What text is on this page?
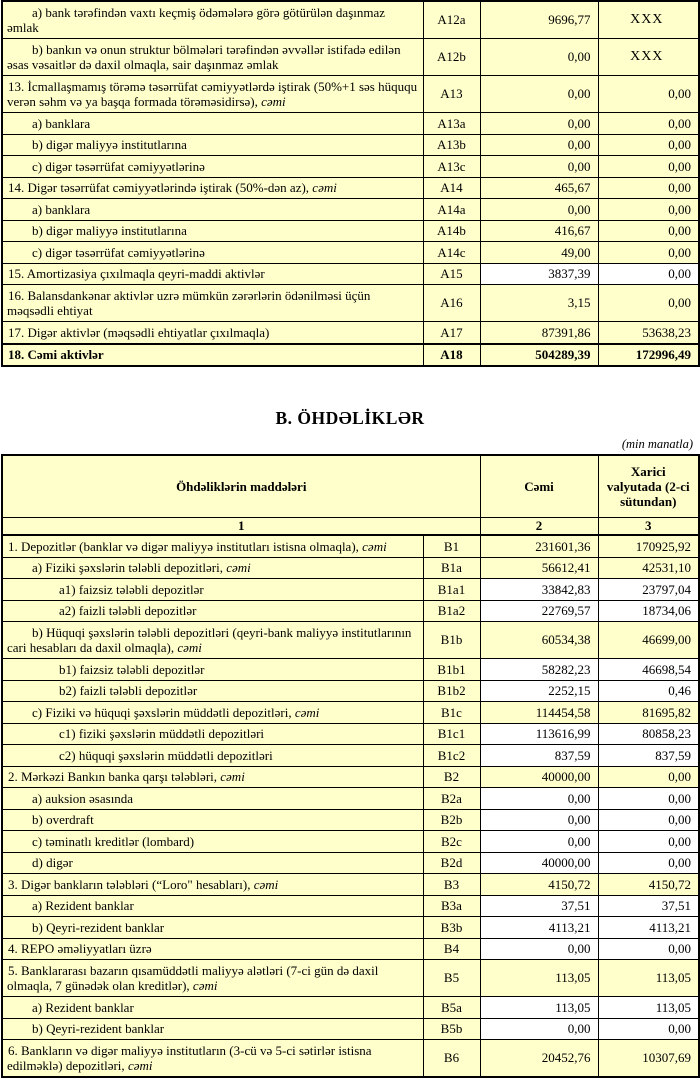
a) bank tərəfindən vaxtı keçmiş ödəmələrə görə götürülən daşınmaz əmlak	A12a	9696,77	XXX
b) bankın və onun struktur bölmələri tərəfindən əvvəllər istifadə edilən əsas vəsaitlər də daxil olmaqla, sair daşınmaz əmlak	A12b	0,00	XXX
13. İcmallaşmamış törəmə təsərrüfat cəmiyyətlərdə iştirak (50%+1 səs hüququ verən səhm və ya başqa formada törəməsidirsə), cəmi	A13	0,00	0,00
a) banklara	A13a	0,00	0,00
b) digər maliyyə institutlarına	A13b	0,00	0,00
c) digər təsərrüfat cəmiyyətlərinə	A13c	0,00	0,00
14. Digər təsərrüfat cəmiyyətlərində iştirak (50%-dən az), cəmi	A14	465,67	0,00
a) banklara	A14a	0,00	0,00
b) digər maliyyə institutlarına	A14b	416,67	0,00
c) digər təsərrüfat cəmiyyətlərinə	A14c	49,00	0,00
15. Amortizasiya çıxılmaqla qeyri-maddi aktivlər	A15	3837,39	0,00
16. Balansdankənar aktivlər uzrə mümkün zərərlərin ödənilməsi üçün məqsədli ehtiyat	A16	3,15	0,00
17. Digər aktivlər (məqsədli ehtiyatlar çıxılmaqla)	A17	87391,86	53638,23
18. Cəmi aktivlər	A18	504289,39	172996,49
B. ÖHDƏLİKLƏR
(min manatla)
Öhdəliklərin maddələri		Cəmi	Xarici valyutada (2-ci sütundan)
1		2	3
1. Depozitlər (banklar və digər maliyyə institutları istisna olmaqla), cəmi	B1	231601,36	170925,92
a) Fiziki şəxslərin tələbli depozitləri, cəmi	B1a	56612,41	42531,10
a1) faizsiz tələbli depozitlər	B1a1	33842,83	23797,04
a2) faizli tələbli depozitlər	B1a2	22769,57	18734,06
b) Hüquqi şəxslərin tələbli depozitləri (qeyri-bank maliyyə institutlarının cari hesabları da daxil olmaqla), cəmi	B1b	60534,38	46699,00
b1) faizsiz tələbli depozitlər	B1b1	58282,23	46698,54
b2) faizli tələbli depozitlər	B1b2	2252,15	0,46
c) Fiziki və hüquqi şəxslərin müddətli depozitləri, cəmi	B1c	114454,58	81695,82
c1) fiziki şəxslərin müddətli depozitləri	B1c1	113616,99	80858,23
c2) hüquqi şəxslərin müddətli depozitləri	B1c2	837,59	837,59
2. Mərkəzi Bankın banka qarşı tələbləri, cəmi	B2	40000,00	0,00
a) auksion əsasında	B2a	0,00	0,00
b) overdraft	B2b	0,00	0,00
c) təminatlı kreditlər (lombard)	B2c	0,00	0,00
d) digər	B2d	40000,00	0,00
3. Digər bankların tələbləri (“Loro" hesabları), cəmi	B3	4150,72	4150,72
a) Rezident banklar	B3a	37,51	37,51
b) Qeyri-rezident banklar	B3b	4113,21	4113,21
4. REPO əməliyyatları üzrə	B4	0,00	0,00
5. Banklararası bazarın qısamüddətli maliyyə alətləri (7-ci gün də daxil olmaqla, 7 günədək olan kreditlər), cəmi	B5	113,05	113,05
a) Rezident banklar	B5a	113,05	113,05
b) Qeyri-rezident banklar	B5b	0,00	0,00
6. Bankların və digər maliyyə institutların (3-cü və 5-ci sətirlər istisna edilməklə) depozitləri, cəmi	B6	20452,76	10307,69
